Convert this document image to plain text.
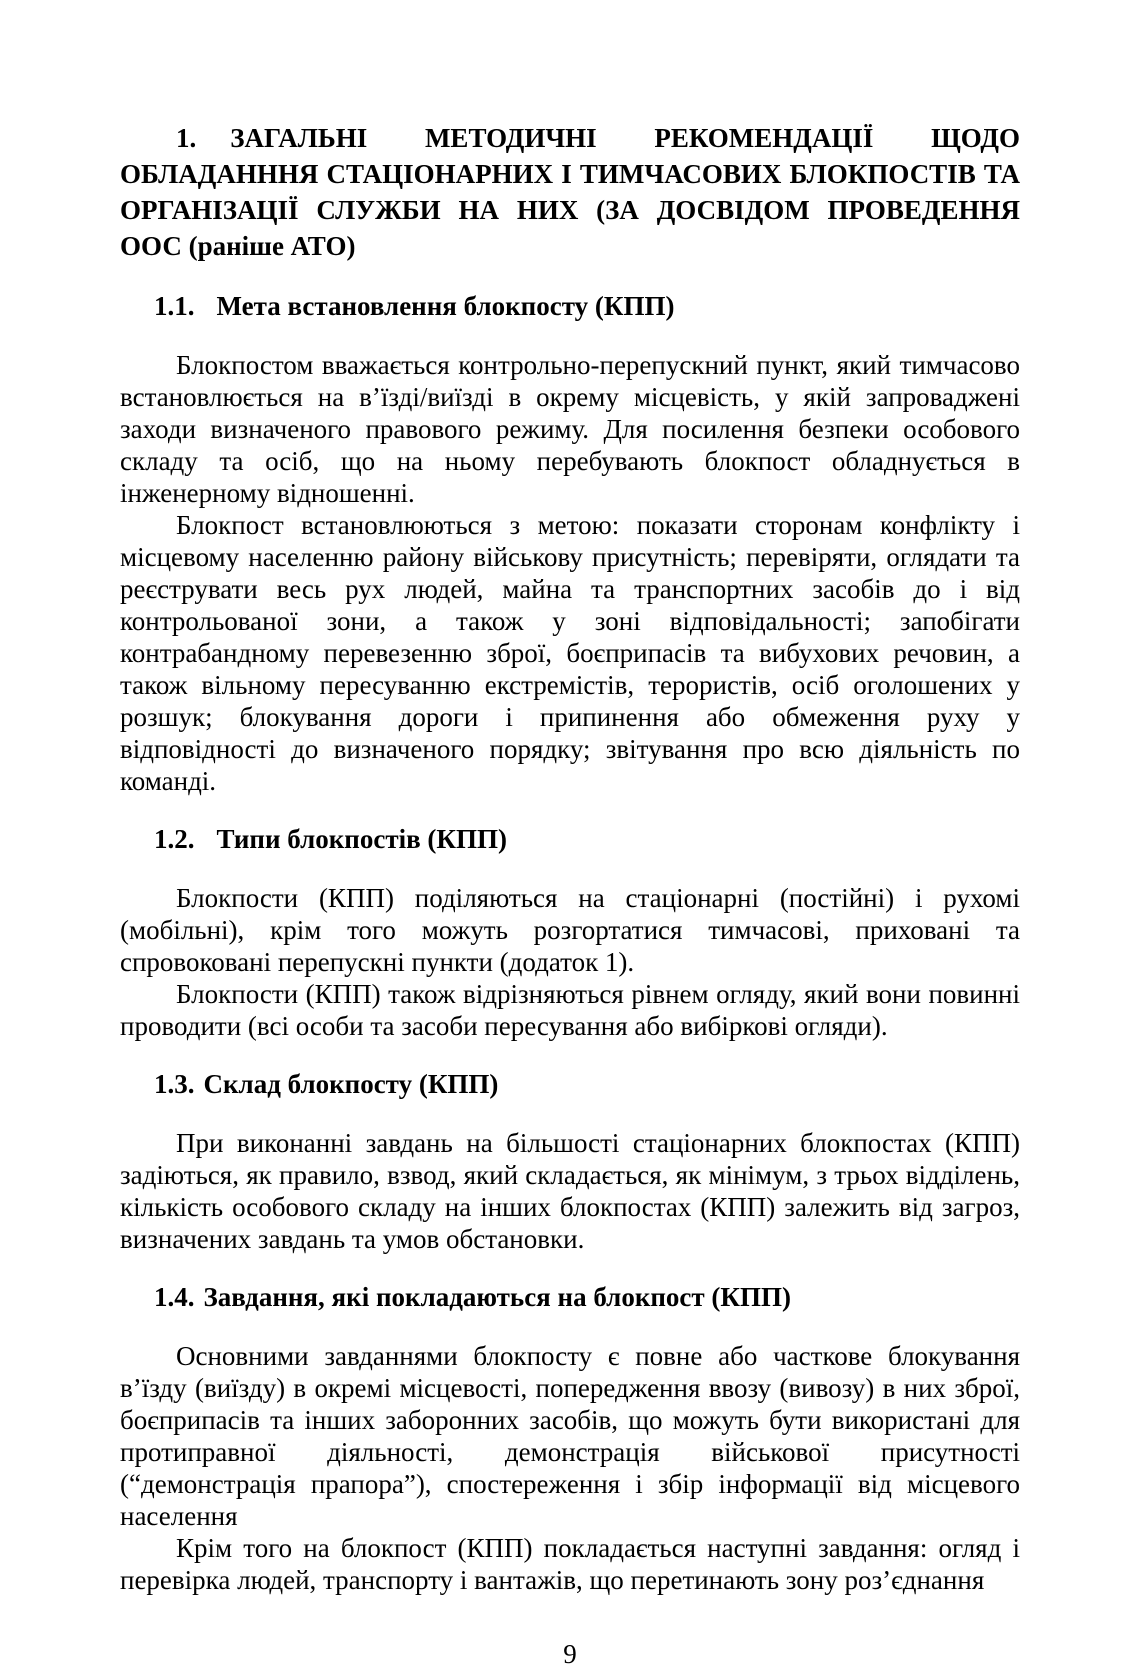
1. ЗАГАЛЬНІ МЕТОДИЧНІ РЕКОМЕНДАЦІЇ ЩОДО ОБЛАДАНННЯ СТАЦІОНАРНИХ І ТИМЧАСОВИХ БЛОКПОСТІВ ТА ОРГАНІЗАЦІЇ СЛУЖБИ НА НИХ (ЗА ДОСВІДОМ ПРОВЕДЕННЯ ООС (раніше АТО)
1.1. Мета встановлення блокпосту (КПП)

Блокпостом вважається контрольно-перепускний пункт, який тимчасово встановлюється на в’їзді/виїзді в окрему місцевість, у якій запроваджені заходи визначеного правового режиму. Для посилення безпеки особового складу та осіб, що на ньому перебувають блокпост обладнується в інженерному відношенні.

Блокпост встановлюються з метою: показати сторонам конфлікту і місцевому населенню району військову присутність; перевіряти, оглядати та реєструвати весь рух людей, майна та транспортних засобів до і від контрольованої зони, а також у зоні відповідальності; запобігати контрабандному перевезенню зброї, боєприпасів та вибухових речовин, а також вільному пересуванню екстремістів, терористів, осіб оголошених у розшук; блокування дороги і припинення або обмеження руху у відповідності до визначеного порядку; звітування про всю діяльність по команді.

1.2. Типи блокпостів (КПП)

Блокпости (КПП) поділяються на стаціонарні (постійні) і рухомі (мобільні), крім того можуть розгортатися тимчасові, приховані та спровоковані перепускні пункти (додаток 1).

Блокпости (КПП) також відрізняються рівнем огляду, який вони повинні проводити (всі особи та засоби пересування або вибіркові огляди).

1.3. Склад блокпосту (КПП)

При виконанні завдань на більшості стаціонарних блокпостах (КПП) задіються, як правило, взвод, який складається, як мінімум, з трьох відділень, кількість особового складу на інших блокпостах (КПП) залежить від загроз, визначених завдань та умов обстановки.

1.4. Завдання, які покладаються на блокпост (КПП)

Основними завданнями блокпосту є повне або часткове блокування в’їзду (виїзду) в окремі місцевості, попередження ввозу (вивозу) в них зброї, боєприпасів та інших заборонних засобів, що можуть бути використані для протиправної діяльності, демонстрація військової присутності (“демонстрація прапора”), спостереження і збір інформації від місцевого населення

Крім того на блокпост (КПП) покладається наступні завдання: огляд і перевірка людей, транспорту і вантажів, що перетинають зону роз’єднання

9
